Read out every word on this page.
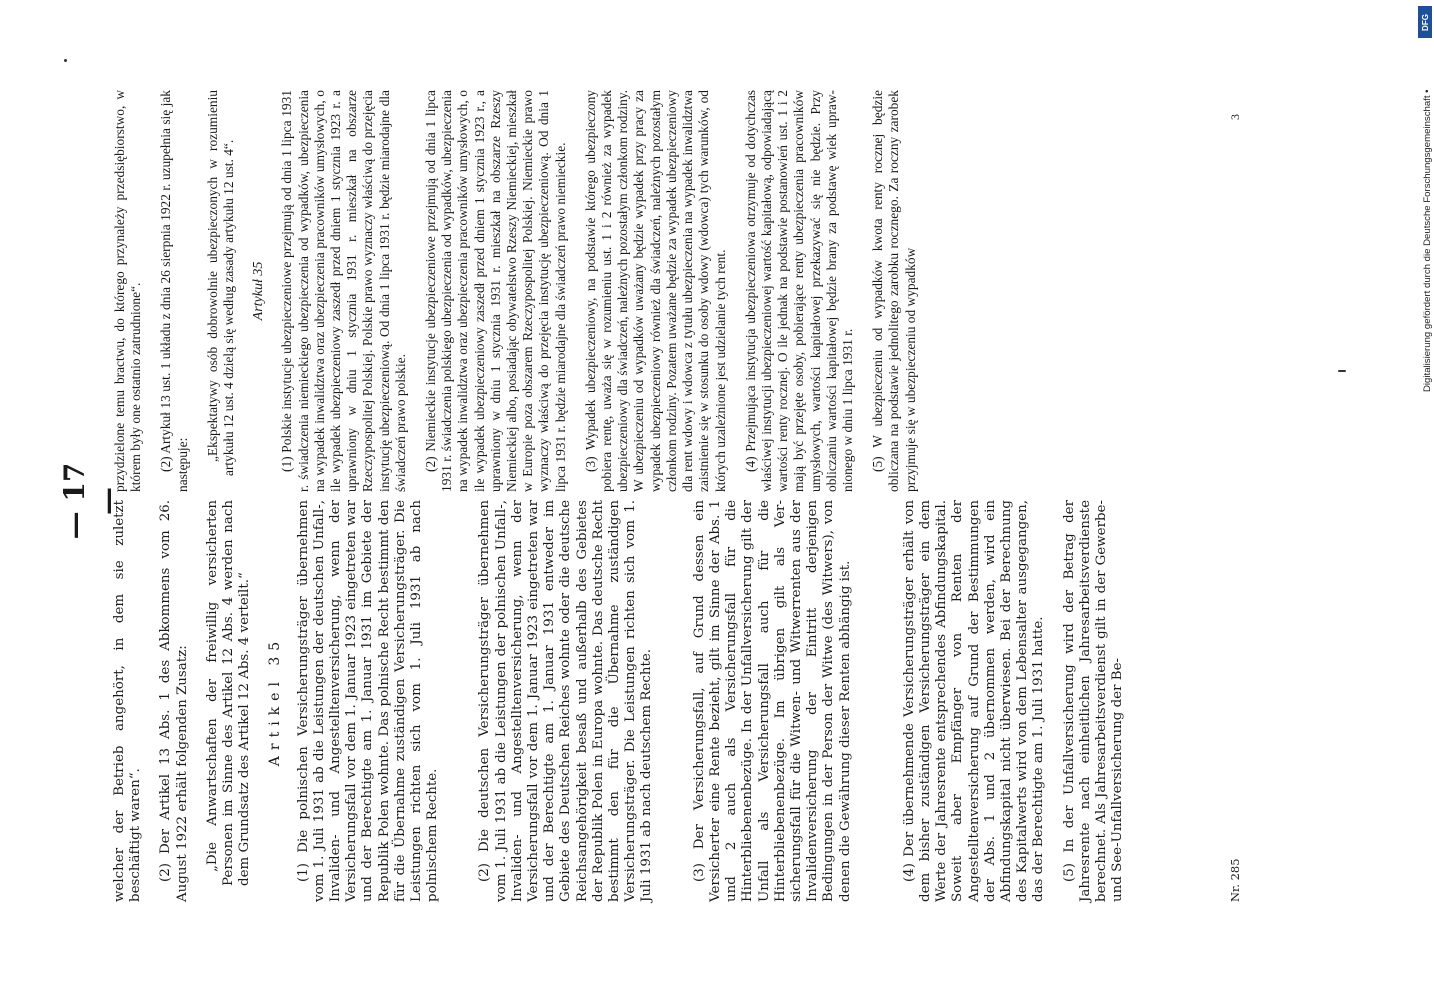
— 17 —

welcher der Betrieb angehört, in dem sie zuletzt beschäftigt waren“. (2) Der Artikel 13 Abs. 1 des Abkommens vom 26. August 1922 erhält folgenden Zusatz: „Die Anwartschaften der freiwillig versicherten Personen im Sinne des Artikel 12 Abs. 4 werden nach dem Grundsatz des Artikel 12 Abs. 4 verteilt.“ Artikel 35 (1) Die polnischen Versicherungsträger übernehmen vom 1. Juli 1931 ab die Leistungen der deutschen Unfall-, Invaliden- und Angestelltenversicherung, wenn der Versicherungsfall vor dem 1. Januar 1923 eingetreten war und der Berechtigte am 1. Januar 1931 im Gebiete der Republik Polen wohnte. Das polnische Recht bestimmt den für die Übernahme zuständigen Versicherungsträger. Die Leistungen richten sich vom 1. Juli 1931 ab nach polnischem Rechte.	(2) Die deutschen Versicherungsträger übernehmen vom 1. Juli 1931 ab die Leistungen der polnischen Unfall-, Invaliden- und Angestelltenversicherung, wenn der Versicherungsfall vor dem 1. Januar 1923 eingetreten war und der Berechtigte am 1. Januar 1931 entweder im Gebiete des Deutschen Reiches wohnte oder die deutsche Reichsangehörigkeit besaß und außerhalb des Gebietes der Republik Polen in Europa wohnte. Das deutsche Recht bestimmt den für die Übernahme zuständigen Versicherungsträger. Die Leistungen richten sich vom 1. Juli 1931 ab nach deutschem Rechte.	(3) Der Versicherungsfall, auf Grund dessen ein Versicherter eine Rente bezieht, gilt im Sinne der Abs. 1 und 2 auch als Versicherungsfall für die Hinterbliebenenbezüge. In der Unfallversicherung gilt der Unfall als Versicherungsfall auch für die Hinterbliebenenbezüge. Im übrigen gilt als Versicherungsfall für die Witwen- und Witwerrenten aus der Invalidenversicherung der Eintritt derjenigen Bedingungen in der Person der Witwe (des Witwers), von denen die Gewährung dieser Renten abhängig ist.	(4) Der übernehmende Versicherungsträger erhält von dem bisher zuständigen Versicherungsträger ein dem Werte der Jahresrente entsprechendes Abfindungskapital. Soweit aber Empfänger von Renten der Angestelltenversicherung auf Grund der Bestimmungen der Abs. 1 und 2 übernommen werden, wird ein Abfindungskapital nicht überwiesen. Bei der Berechnung des Kapitalwerts wird von dem Lebensalter ausgegangen, das der Berechtigte am 1. Juli 1931 hatte. (5) In der Unfallversicherung wird der Betrag der Jahresrente nach einheitlichen Jahresarbeitsverdienste berechnet. Als Jahresarbeitsverdienst gilt in der Gewerbe- und See-Unfallversicherung der Be-

przydzielone temu bractwu, do którego przynależy przedsiębiorstwo, w którem były one ostatnio zatrudnione“. (2) Artykuł 13 ust. 1 układu z dnia 26 sierpnia 1922 r. uzupełnia się jak następuje:

„Ekspektatywy osób dobrowolnie ubezpieczonych w rozumieniu artykułu 12 ust. 4 dzielą się według zasady artykułu 12 ust. 4“. Artykuł 35 (1) Polskie instytucje ubezpieczeniowe przejmują od dnia 1 lipca 1931 r. świadczenia niemieckiego ubezpieczenia od wypadków, ubezpieczenia na wypadek inwalidztwa oraz ubezpieczenia pracowników umysłowych, o ile wypadek ubezpieczeniowy zaszedł przed dniem 1 stycznia 1923 r. a uprawniony w dniu 1 stycznia 1931 r. mieszkał na obszarze Rzeczypospolitej Polskiej. Polskie prawo wyznaczy właściwą do przejęcia instytucję ubezpieczeniową. Od dnia 1 lipca 1931 r. będzie miarodajne dla świadczeń prawo polskie. (2) Niemieckie instytucje ubezpieczeniowe przejmują od dnia 1 lipca 1931 r. świadczenia polskiego ubezpieczenia od wypadków, ubezpieczenia na wypadek inwalidztwa oraz ubezpieczenia pracowników umysłowych, o ile wypadek ubezpieczeniowy zaszedł przed dniem 1 stycznia 1923 r., a uprawniony w dniu 1 stycznia 1931 r. mieszkał na obszarze Rzeszy Niemieckiej albo, posiadając obywatelstwo Rzeszy Niemieckiej, mieszkał w Europie poza obszarem Rzeczypospolitej Polskiej. Niemieckie prawo wyznaczy właściwą do przejęcia instytucję ubezpieczeniową. Od dnia 1 lipca 1931 r. będzie miarodajne dla świadczeń prawo niemieckie. (3) Wypadek ubezpieczeniowy, na podstawie którego ubezpieczony pobiera rentę, uważa się w rozumieniu ust. 1 i 2 również za wypadek ubezpieczeniowy dla świadczeń, należnych pozostałym członkom rodziny. W ubezpieczeniu od wypadków uważany będzie wypadek przy pracy za wypadek ubezpieczeniowy również dla świadczeń, należnych pozostałym członkom rodziny. Pozatem uważane będzie za wypadek ubezpieczeniowy dla rent wdowy i wdowca z tytułu ubezpieczenia na wypadek inwalidztwa zaistnienie się w stosunku do osoby wdowy (wdowca) tych warunków, od których uzależnione jest udzielanie tych rent. (4) Przejmująca instytucja ubezpieczeniowa otrzymuje od dotychczas właściwej instytucji ubezpieczeniowej wartość kapitałową, odpowiadającą wartości renty rocznej. O ile jednak na podstawie postanowień ust. 1 i 2 mają być przejęte osoby, pobierające renty ubezpieczenia pracowników umysłowych, wartości kapitałowej przekazywać się nie będzie. Przy obliczaniu wartości kapitałowej będzie brany za podstawę wiek uprawnionego w dniu 1 lipca 1931 r. (5) W ubezpieczeniu od wypadków kwota renty rocznej będzie obliczana na podstawie jednolitego zarobku rocznego. Za roczny zarobek przyjmuje się w ubezpieczeniu od wypadków

Nr. 285
3
DFG
Digitalisierung gefördert durch die Deutsche Forschungsgemeinschaft •
